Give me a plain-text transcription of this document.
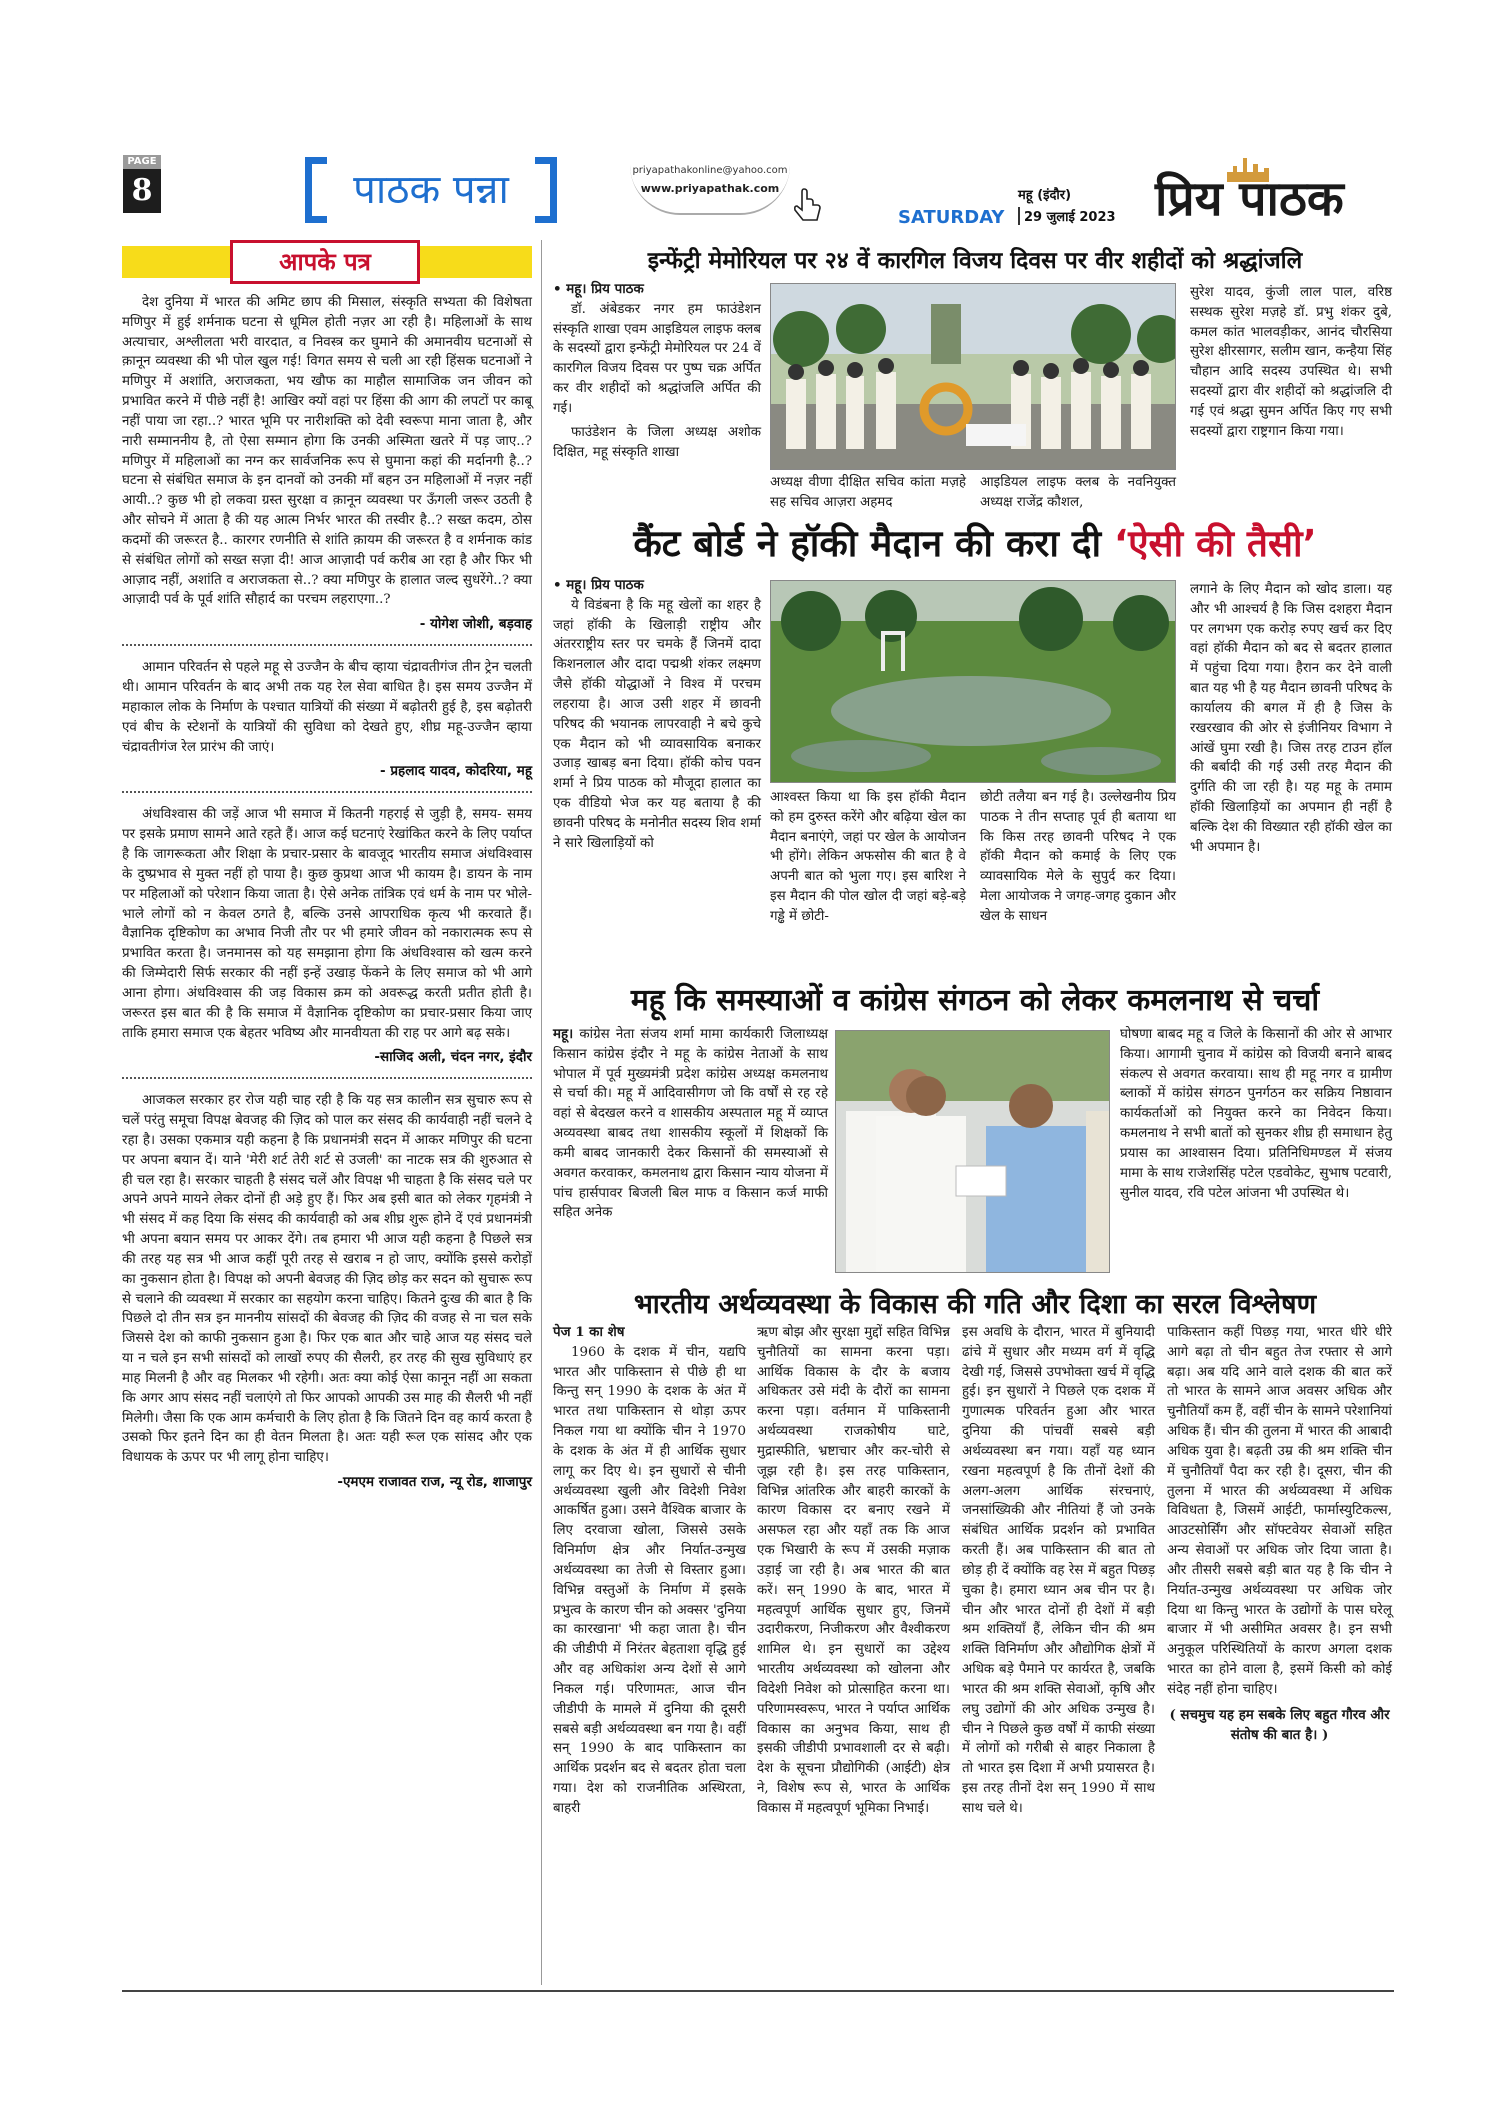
PAGE
8	पाठक पन्ना	priyapathakonline@yahoo.com
www.priyapathak.com
SATURDAY
महू (इंदौर)
29 जुलाई 2023 प्रिय पाठक
आपके पत्र

देश दुनिया में भारत की अमिट छाप की मिसाल, संस्कृति सभ्यता की विशेषता मणिपुर में हुई शर्मनाक घटना से धूमिल होती नज़र आ रही है। महिलाओं के साथ अत्याचार, अश्लीलता भरी वारदात, व निवस्त्र कर घुमाने की अमानवीय घटनाओं से क़ानून व्यवस्था की भी पोल खुल गई! विगत समय से चली आ रही हिंसक घटनाओं ने मणिपुर में अशांति, अराजकता, भय खौफ का माहौल सामाजिक जन जीवन को प्रभावित करने में पीछे नहीं है! आखिर क्यों वहां पर हिंसा की आग की लपटों पर काबू नहीं पाया जा रहा..? भारत भूमि पर नारीशक्ति को देवी स्वरूपा माना जाता है, और नारी सम्माननीय है, तो ऐसा सम्मान होगा कि उनकी अस्मिता खतरे में पड़ जाए..? मणिपुर में महिलाओं का नग्न कर सार्वजनिक रूप से घुमाना कहां की मर्दानगी है..? घटना से संबंधित समाज के इन दानवों को उनकी माँ बहन उन महिलाओं में नज़र नहीं आयी..? कुछ भी हो लकवा ग्रस्त सुरक्षा व क़ानून व्यवस्था पर ऊँगली जरूर उठती है और सोचने में आता है की यह आत्म निर्भर भारत की तस्वीर है..? सख्त कदम, ठोस कदमों की जरूरत है.. कारगर रणनीति से शांति क़ायम की जरूरत है व शर्मनाक कांड से संबंधित लोगों को सख्त सज़ा दी! आज आज़ादी पर्व करीब आ रहा है और फिर भी आज़ाद नहीं, अशांति व अराजकता से..? क्या मणिपुर के हालात जल्द सुधरेंगे..? क्या आज़ादी पर्व के पूर्व शांति सौहार्द का परचम लहराएगा..?

- योगेश जोशी, बड़वाह

आमान परिवर्तन से पहले महू से उज्जैन के बीच व्हाया चंद्रावतीगंज तीन ट्रेन चलती थी। आमान परिवर्तन के बाद अभी तक यह रेल सेवा बाधित है। इस समय उज्जैन में महाकाल लोक के निर्माण के पश्चात यात्रियों की संख्या में बढ़ोतरी हुई है, इस बढ़ोतरी एवं बीच के स्टेशनों के यात्रियों की सुविधा को देखते हुए, शीघ्र महू-उज्जैन व्हाया चंद्रावतीगंज रेल प्रारंभ की जाएं।

- प्रहलाद यादव, कोदरिया, महू

अंधविश्वास की जड़ें आज भी समाज में कितनी गहराई से जुड़ी है, समय- समय पर इसके प्रमाण सामने आते रहते हैं। आज कई घटनाएं रेखांकित करने के लिए पर्याप्त है कि जागरूकता और शिक्षा के प्रचार-प्रसार के बावजूद भारतीय समाज अंधविश्वास के दुष्प्रभाव से मुक्त नहीं हो पाया है। कुछ कुप्रथा आज भी कायम है। डायन के नाम पर महिलाओं को परेशान किया जाता है। ऐसे अनेक तांत्रिक एवं धर्म के नाम पर भोले- भाले लोगों को न केवल ठगते है, बल्कि उनसे आपराधिक कृत्य भी करवाते हैं। वैज्ञानिक दृष्टिकोण का अभाव निजी तौर पर भी हमारे जीवन को नकारात्मक रूप से प्रभावित करता है। जनमानस को यह समझाना होगा कि अंधविश्वास को खत्म करने की जिम्मेदारी सिर्फ सरकार की नहीं इन्हें उखाड़ फेंकने के लिए समाज को भी आगे आना होगा। अंधविश्वास की जड़ विकास क्रम को अवरूद्ध करती प्रतीत होती है। जरूरत इस बात की है कि समाज में वैज्ञानिक दृष्टिकोण का प्रचार-प्रसार किया जाए ताकि हमारा समाज एक बेहतर भविष्य और मानवीयता की राह पर आगे बढ़ सके।

-साजिद अली, चंदन नगर, इंदौर

आजकल सरकार हर रोज यही चाह रही है कि यह सत्र कालीन सत्र सुचारु रूप से चलें परंतु समूचा विपक्ष बेवजह की ज़िद को पाल कर संसद की कार्यवाही नहीं चलने दे रहा है। उसका एकमात्र यही कहना है कि प्रधानमंत्री सदन में आकर मणिपुर की घटना पर अपना बयान दें। याने 'मेरी शर्ट तेरी शर्ट से उजली' का नाटक सत्र की शुरुआत से ही चल रहा है। सरकार चाहती है संसद चलें और विपक्ष भी चाहता है कि संसद चले पर अपने अपने मायने लेकर दोनों ही अड़े हुए हैं। फिर अब इसी बात को लेकर गृहमंत्री ने भी संसद में कह दिया कि संसद की कार्यवाही को अब शीघ्र शुरू होने दें एवं प्रधानमंत्री भी अपना बयान समय पर आकर देंगे। तब हमारा भी आज यही कहना है पिछले सत्र की तरह यह सत्र भी आज कहीं पूरी तरह से खराब न हो जाए, क्योंकि इससे करोड़ों का नुकसान होता है। विपक्ष को अपनी बेवजह की ज़िद छोड़ कर सदन को सुचारू रूप से चलाने की व्यवस्था में सरकार का सहयोग करना चाहिए। कितने दुःख की बात है कि पिछले दो तीन सत्र इन माननीय सांसदों की बेवजह की ज़िद की वजह से ना चल सके जिससे देश को काफी नुकसान हुआ है। फिर एक बात और चाहे आज यह संसद चले या न चले इन सभी सांसदों को लाखों रुपए की सैलरी, हर तरह की सुख सुविधाएं हर माह मिलनी है और वह मिलकर भी रहेगी। अतः क्या कोई ऐसा कानून नहीं आ सकता कि अगर आप संसद नहीं चलाएंगे तो फिर आपको आपकी उस माह की सैलरी भी नहीं मिलेगी। जैसा कि एक आम कर्मचारी के लिए होता है कि जितने दिन वह कार्य करता है उसको फिर इतने दिन का ही वेतन मिलता है। अतः यही रूल एक सांसद और एक विधायक के ऊपर पर भी लागू होना चाहिए।

-एमएम राजावत राज, न्यू रोड, शाजापुर

इन्फेंट्री मेमोरियल पर २४ वें कारगिल विजय दिवस पर वीर शहीदों को श्रद्धांजलि

• महू। प्रिय पाठक

डॉ. अंबेडकर नगर हम फाउंडेशन संस्कृति शाखा एवम आइडियल लाइफ क्लब के सदस्यों द्वारा इन्फेंट्री मेमोरियल पर 24 वें कारगिल विजय दिवस पर पुष्प चक्र अर्पित कर वीर शहीदों को श्रद्धांजलि अर्पित की गई।

फाउंडेशन के जिला अध्यक्ष अशोक दिक्षित, महू संस्कृति शाखा

अध्यक्ष वीणा दीक्षित सचिव कांता मज़हे सह सचिव आज़रा अहमद

आइडियल लाइफ क्लब के नवनियुक्त अध्यक्ष राजेंद्र कौशल,

सुरेश यादव, कुंजी लाल पाल, वरिष्ठ सस्थक सुरेश मज़हे डॉ. प्रभु शंकर दुबे, कमल कांत भालवड़ीकर, आनंद चौरसिया सुरेश क्षीरसागर, सलीम खान, कन्हैया सिंह चौहान आदि सदस्य उपस्थित थे। सभी सदस्यों द्वारा वीर शहीदों को श्रद्धांजलि दी गई एवं श्रद्धा सुमन अर्पित किए गए सभी सदस्यों द्वारा राष्ट्रगान किया गया।

कैंट बोर्ड ने हॉकी मैदान की करा दी ‘ऐसी की तैसी’

• महू। प्रिय पाठक

ये विडंबना है कि महू खेलों का शहर है जहां हॉकी के खिलाड़ी राष्ट्रीय और अंतरराष्ट्रीय स्तर पर चमके हैं जिनमें दादा किशनलाल और दादा पद्मश्री शंकर लक्ष्मण जैसे हॉकी योद्धाओं ने विश्व में परचम लहराया है। आज उसी शहर में छावनी परिषद की भयानक लापरवाही ने बचे कुचे एक मैदान को भी व्यावसायिक बनाकर उजाड़ खाबड़ बना दिया। हॉकी कोच पवन शर्मा ने प्रिय पाठक को मौजूदा हालात का एक वीडियो भेज कर यह बताया है की छावनी परिषद के मनोनीत सदस्य शिव शर्मा ने सारे खिलाड़ियों को

आश्वस्त किया था कि इस हॉकी मैदान को हम दुरुस्त करेंगे और बढ़िया खेल का मैदान बनाएंगे, जहां पर खेल के आयोजन भी होंगे। लेकिन अफसोस की बात है वे अपनी बात को भुला गए। इस बारिश ने इस मैदान की पोल खोल दी जहां बड़े-बड़े गड्ढे में छोटी-

छोटी तलैया बन गई है। उल्लेखनीय प्रिय पाठक ने तीन सप्ताह पूर्व ही बताया था कि किस तरह छावनी परिषद ने एक हॉकी मैदान को कमाई के लिए एक व्यावसायिक मेले के सुपुर्द कर दिया। मेला आयोजक ने जगह-जगह दुकान और खेल के साधन

लगाने के लिए मैदान को खोद डाला। यह और भी आश्चर्य है कि जिस दशहरा मैदान पर लगभग एक करोड़ रुपए खर्च कर दिए वहां हॉकी मैदान को बद से बदतर हालात में पहुंचा दिया गया। हैरान कर देने वाली बात यह भी है यह मैदान छावनी परिषद के कार्यालय की बगल में ही है जिस के रखरखाव की ओर से इंजीनियर विभाग ने आंखें घुमा रखी है। जिस तरह टाउन हॉल की बर्बादी की गई उसी तरह मैदान की दुर्गति की जा रही है। यह महू के तमाम हॉकी खिलाड़ियों का अपमान ही नहीं है बल्कि देश की विख्यात रही हॉकी खेल का भी अपमान है।

महू कि समस्याओं व कांग्रेस संगठन को लेकर कमलनाथ से चर्चा

महू। कांग्रेस नेता संजय शर्मा मामा कार्यकारी जिलाध्यक्ष किसान कांग्रेस इंदौर ने महू के कांग्रेस नेताओं के साथ भोपाल में पूर्व मुख्यमंत्री प्रदेश कांग्रेस अध्यक्ष कमलनाथ से चर्चा की। महू में आदिवासीगण जो कि वर्षों से रह रहे वहां से बेदखल करने व शासकीय अस्पताल महू में व्याप्त अव्यवस्था बाबद तथा शासकीय स्कूलों में शिक्षकों कि कमी बाबद जानकारी देकर किसानों की समस्याओं से अवगत करवाकर, कमलनाथ द्वारा किसान न्याय योजना में पांच हार्सपावर बिजली बिल माफ व किसान कर्ज माफी सहित अनेक

घोषणा बाबद महू व जिले के किसानों की ओर से आभार किया। आगामी चुनाव में कांग्रेस को विजयी बनाने बाबद संकल्प से अवगत करवाया। साथ ही महू नगर व ग्रामीण ब्लाकों में कांग्रेस संगठन पुनर्गठन कर सक्रिय निष्ठावान कार्यकर्ताओं को नियुक्त करने का निवेदन किया। कमलनाथ ने सभी बातों को सुनकर शीघ्र ही समाधान हेतु प्रयास का आश्वासन दिया। प्रतिनिधिमण्डल में संजय मामा के साथ राजेशसिंह पटेल एडवोकेट, सुभाष पटवारी, सुनील यादव, रवि पटेल आंजना भी उपस्थित थे।

भारतीय अर्थव्यवस्था के विकास की गति और दिशा का सरल विश्लेषण

पेज 1 का शेष

1960 के दशक में चीन, यद्यपि भारत और पाकिस्तान से पीछे ही था किन्तु सन् 1990 के दशक के अंत में भारत तथा पाकिस्तान से थोड़ा ऊपर निकल गया था क्योंकि चीन ने 1970 के दशक के अंत में ही आर्थिक सुधार लागू कर दिए थे। इन सुधारों से चीनी अर्थव्यवस्था खुली और विदेशी निवेश आकर्षित हुआ। उसने वैश्विक बाजार के लिए दरवाजा खोला, जिससे उसके विनिर्माण क्षेत्र और निर्यात-उन्मुख अर्थव्यवस्था का तेजी से विस्तार हुआ। विभिन्न वस्तुओं के निर्माण में इसके प्रभुत्व के कारण चीन को अक्सर 'दुनिया का कारखाना' भी कहा जाता है। चीन की जीडीपी में निरंतर बेहताशा वृद्धि हुई और वह अधिकांश अन्य देशों से आगे निकल गई। परिणामतः, आज चीन जीडीपी के मामले में दुनिया की दूसरी सबसे बड़ी अर्थव्यवस्था बन गया है। वहीं सन् 1990 के बाद पाकिस्तान का आर्थिक प्रदर्शन बद से बदतर होता चला गया। देश को राजनीतिक अस्थिरता, बाहरी

ऋण बोझ और सुरक्षा मुद्दों सहित विभिन्न चुनौतियों का सामना करना पड़ा। आर्थिक विकास के दौर के बजाय अधिकतर उसे मंदी के दौरों का सामना करना पड़ा। वर्तमान में पाकिस्तानी अर्थव्यवस्था राजकोषीय घाटे, मुद्रास्फीति, भ्रष्टाचार और कर-चोरी से जूझ रही है। इस तरह पाकिस्तान, विभिन्न आंतरिक और बाहरी कारकों के कारण विकास दर बनाए रखने में असफल रहा और यहाँ तक कि आज एक भिखारी के रूप में उसकी मज़ाक उड़ाई जा रही है। अब भारत की बात करें। सन् 1990 के बाद, भारत में महत्वपूर्ण आर्थिक सुधार हुए, जिनमें उदारीकरण, निजीकरण और वैश्वीकरण शामिल थे। इन सुधारों का उद्देश्य भारतीय अर्थव्यवस्था को खोलना और विदेशी निवेश को प्रोत्साहित करना था। परिणामस्वरूप, भारत ने पर्याप्त आर्थिक विकास का अनुभव किया, साथ ही इसकी जीडीपी प्रभावशाली दर से बढ़ी। देश के सूचना प्रौद्योगिकी (आईटी) क्षेत्र ने, विशेष रूप से, भारत के आर्थिक विकास में महत्वपूर्ण भूमिका निभाई।

इस अवधि के दौरान, भारत में बुनियादी ढांचे में सुधार और मध्यम वर्ग में वृद्धि देखी गई, जिससे उपभोक्ता खर्च में वृद्धि हुई। इन सुधारों ने पिछले एक दशक में गुणात्मक परिवर्तन हुआ और भारत दुनिया की पांचवीं सबसे बड़ी अर्थव्यवस्था बन गया। यहाँ यह ध्यान रखना महत्वपूर्ण है कि तीनों देशों की अलग-अलग आर्थिक संरचनाएं, जनसांख्यिकी और नीतियां हैं जो उनके संबंधित आर्थिक प्रदर्शन को प्रभावित करती हैं। अब पाकिस्तान की बात तो छोड़ ही दें क्योंकि वह रेस में बहुत पिछड़ चुका है। हमारा ध्यान अब चीन पर है। चीन और भारत दोनों ही देशों में बड़ी श्रम शक्तियाँ हैं, लेकिन चीन की श्रम शक्ति विनिर्माण और औद्योगिक क्षेत्रों में अधिक बड़े पैमाने पर कार्यरत है, जबकि भारत की श्रम शक्ति सेवाओं, कृषि और लघु उद्योगों की ओर अधिक उन्मुख है। चीन ने पिछले कुछ वर्षों में काफी संख्या में लोगों को गरीबी से बाहर निकाला है तो भारत इस दिशा में अभी प्रयासरत है। इस तरह तीनों देश सन् 1990 में साथ साथ चले थे।

पाकिस्तान कहीं पिछड़ गया, भारत धीरे धीरे आगे बढ़ा तो चीन बहुत तेज रफ्तार से आगे बढ़ा। अब यदि आने वाले दशक की बात करें तो भारत के सामने आज अवसर अधिक और चुनौतियाँ कम हैं, वहीं चीन के सामने परेशानियां अधिक हैं। चीन की तुलना में भारत की आबादी अधिक युवा है। बढ़ती उम्र की श्रम शक्ति चीन में चुनौतियाँ पैदा कर रही है। दूसरा, चीन की तुलना में भारत की अर्थव्यवस्था में अधिक विविधता है, जिसमें आईटी, फार्मास्युटिकल्स, आउटसोर्सिंग और सॉफ्टवेयर सेवाओं सहित अन्य सेवाओं पर अधिक जोर दिया जाता है। और तीसरी सबसे बड़ी बात यह है कि चीन ने निर्यात-उन्मुख अर्थव्यवस्था पर अधिक जोर दिया था किन्तु भारत के उद्योगों के पास घरेलू बाजार में भी असीमित अवसर है। इन सभी अनुकूल परिस्थितियों के कारण अगला दशक भारत का होने वाला है, इसमें किसी को कोई संदेह नहीं होना चाहिए।

( सचमुच यह हम सबके लिए बहुत गौरव और संतोष की बात है। )
